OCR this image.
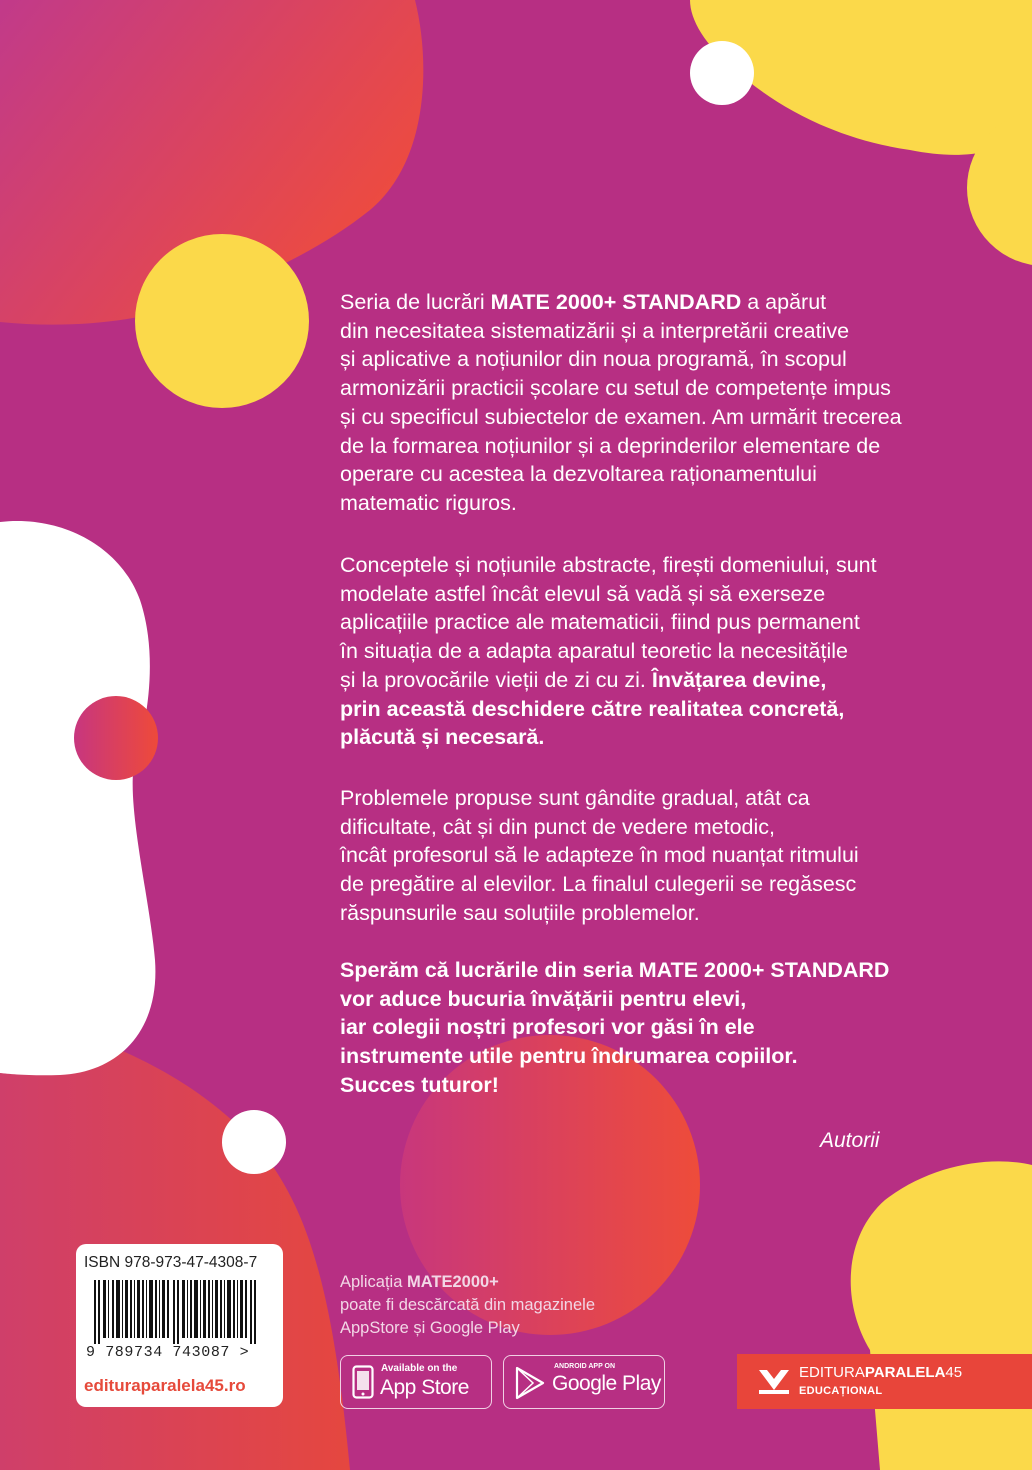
Seria de lucrări MATE 2000+ STANDARD a apărut
din necesitatea sistematizării și a interpretării creative
și aplicative a noțiunilor din noua programă, în scopul
armonizării practicii școlare cu setul de competențe impus
și cu specificul subiectelor de examen. Am urmărit trecerea
de la formarea noțiunilor și a deprinderilor elementare de
operare cu acestea la dezvoltarea raționamentului
matematic riguros.

Conceptele și noțiunile abstracte, firești domeniului, sunt
modelate astfel încât elevul să vadă și să exerseze
aplicațiile practice ale matematicii, fiind pus permanent
în situația de a adapta aparatul teoretic la necesitățile
și la provocările vieții de zi cu zi. Învățarea devine,
prin această deschidere către realitatea concretă,
plăcută și necesară.

Problemele propuse sunt gândite gradual, atât ca
dificultate, cât și din punct de vedere metodic,
încât profesorul să le adapteze în mod nuanțat ritmului
de pregătire al elevilor. La finalul culegerii se regăsesc
răspunsurile sau soluțiile problemelor.

Sperăm că lucrările din seria MATE 2000+ STANDARD
vor aduce bucuria învățării pentru elevi,
iar colegii noștri profesori vor găsi în ele
instrumente utile pentru îndrumarea copiilor.
Succes tuturor!

Autorii
ISBN 978-973-47-4308-7
9 789734 743087 >
edituraparalela45.ro
Aplicația MATE2000+
poate fi descărcată din magazinele
AppStore și Google Play
Available on the
App Store
ANDROID APP ON
Google Play	EDITURAPARALELA45
EDUCAȚIONAL
